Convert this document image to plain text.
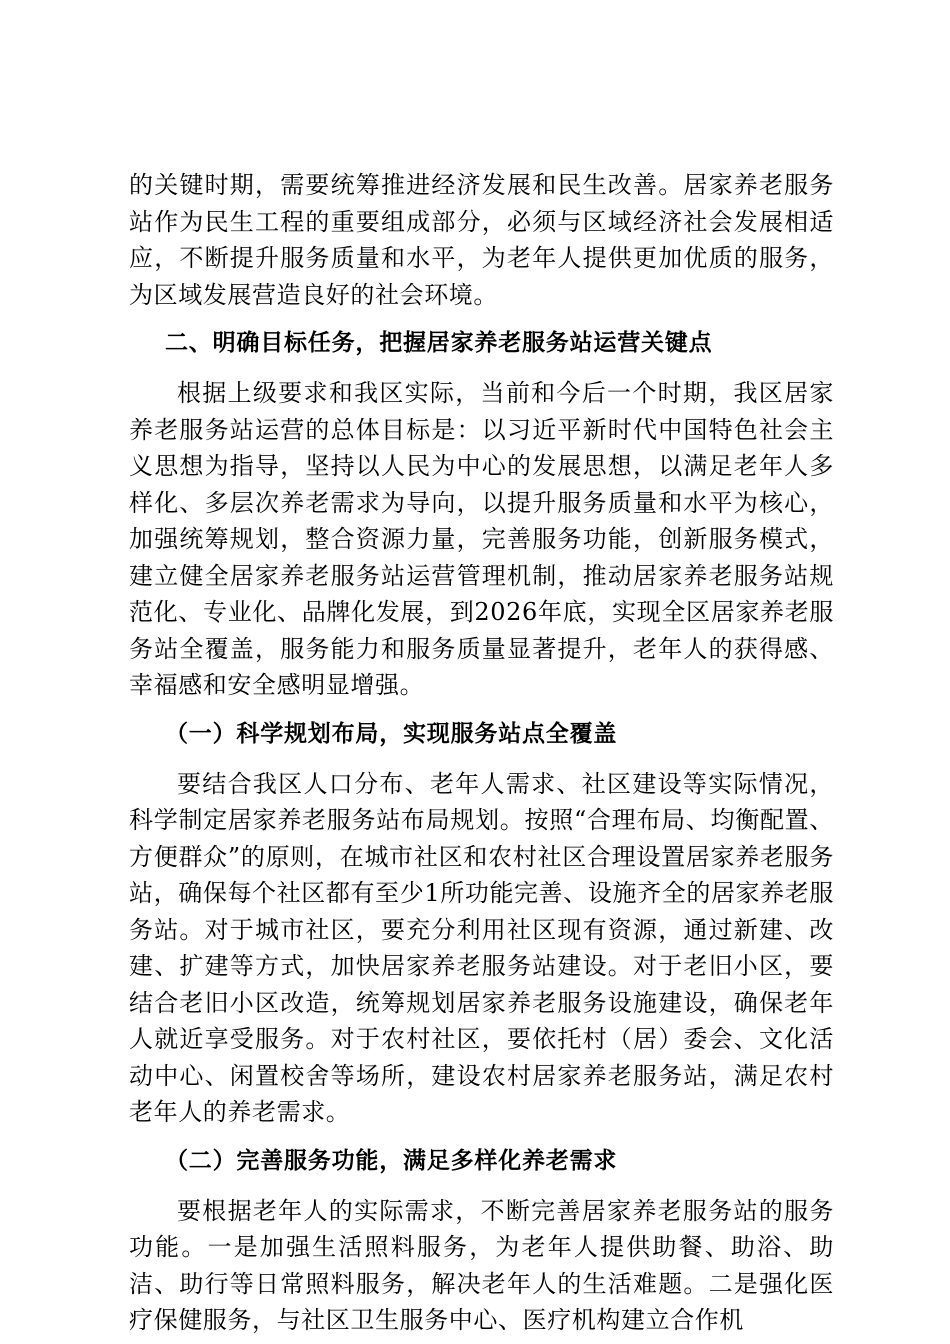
的关键时期，需要统筹推进经济发展和民生改善。居家养老服务站作为民生工程的重要组成部分，必须与区域经济社会发展相适应，不断提升服务质量和水平，为老年人提供更加优质的服务，为区域发展营造良好的社会环境。

二、明确目标任务，把握居家养老服务站运营关键点

根据上级要求和我区实际，当前和今后一个时期，我区居家养老服务站运营的总体目标是：以习近平新时代中国特色社会主义思想为指导，坚持以人民为中心的发展思想，以满足老年人多样化、多层次养老需求为导向，以提升服务质量和水平为核心，加强统筹规划，整合资源力量，完善服务功能，创新服务模式，建立健全居家养老服务站运营管理机制，推动居家养老服务站规范化、专业化、品牌化发展，到2026年底，实现全区居家养老服务站全覆盖，服务能力和服务质量显著提升，老年人的获得感、幸福感和安全感明显增强。

（一）科学规划布局，实现服务站点全覆盖

要结合我区人口分布、老年人需求、社区建设等实际情况，科学制定居家养老服务站布局规划。按照“合理布局、均衡配置、方便群众”的原则，在城市社区和农村社区合理设置居家养老服务站，确保每个社区都有至少1所功能完善、设施齐全的居家养老服务站。对于城市社区，要充分利用社区现有资源，通过新建、改建、扩建等方式，加快居家养老服务站建设。对于老旧小区，要结合老旧小区改造，统筹规划居家养老服务设施建设，确保老年人就近享受服务。对于农村社区，要依托村（居）委会、文化活动中心、闲置校舍等场所，建设农村居家养老服务站，满足农村老年人的养老需求。

（二）完善服务功能，满足多样化养老需求

要根据老年人的实际需求，不断完善居家养老服务站的服务功能。一是加强生活照料服务，为老年人提供助餐、助浴、助洁、助行等日常照料服务，解决老年人的生活难题。二是强化医疗保健服务，与社区卫生服务中心、医疗机构建立合作机
